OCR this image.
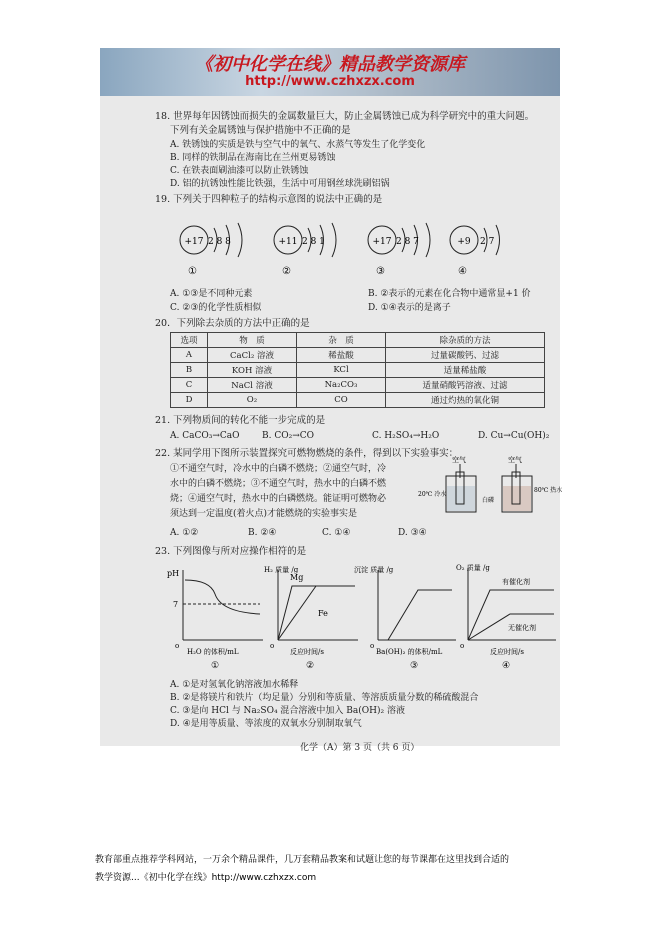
《初中化学在线》精品教学资源库
http://www.czhxzx.com
18. 世界每年因锈蚀而损失的金属数量巨大，防止金属锈蚀已成为科学研究中的重大问题。
下列有关金属锈蚀与保护措施中不正确的是
A. 铁锈蚀的实质是铁与空气中的氧气、水蒸气等发生了化学变化
B. 同样的铁制品在海南比在兰州更易锈蚀
C. 在铁表面刷油漆可以防止铁锈蚀
D. 铝的抗锈蚀性能比铁强，生活中可用钢丝球洗刷铝锅
19. 下列关于四种粒子的结构示意图的说法中正确的是
+17 2 8 8
①
+11 2 8 1
②
+17 2 8 7
③
+9 2 7
④
A. ①③是不同种元素	B. ②表示的元素在化合物中通常显+1 价
C. ②③的化学性质相似	D. ①④表示的是离子
20．下列除去杂质的方法中正确的是
选项	物　质	杂　质	除杂质的方法
A	CaCl₂ 溶液	稀盐酸	过量碳酸钙、过滤
B	KOH 溶液	KCl	适量稀盐酸
C	NaCl 溶液	Na₂CO₃	适量硝酸钙溶液、过滤
D	O₂	CO	通过灼热的氧化铜
21. 下列物质间的转化不能一步完成的是
A. CaCO₃→CaO B. CO₂→CO	C. H₂SO₄→H₂O	D. Cu→Cu(OH)₂
22. 某同学用下图所示装置探究可燃物燃烧的条件，得到以下实验事实：
①不通空气时，冷水中的白磷不燃烧；②通空气时，冷
水中的白磷不燃烧；③不通空气时，热水中的白磷不燃
烧；④通空气时，热水中的白磷燃烧。能证明可燃物必
须达到一定温度(着火点)才能燃烧的实验事实是
A. ①②	B. ②④	C. ①④	D. ③④
空气	空气
20℃ 冷水
白磷
80℃ 热水
23. 下列图像与所对应操作相符的是
pH
7
o
H₂O 的体积/mL
①
H₂ 质量 /g
Mg
Fe
o
反应时间/s
②
沉淀 质量 /g
o
Ba(OH)₂ 的体积/mL
③
O₂ 质量 /g
有催化剂
无催化剂
o
反应时间/s
④
A. ①是对氢氧化钠溶液加水稀释
B. ②是将镁片和铁片（均足量）分别和等质量、等溶质质量分数的稀硫酸混合
C. ③是向 HCl 与 Na₂SO₄ 混合溶液中加入 Ba(OH)₂ 溶液
D. ④是用等质量、等浓度的双氧水分别制取氧气
化学（A）第 3 页（共 6 页）
教育部重点推荐学科网站，一万余个精品课件，几万套精品教案和试题让您的每节课都在这里找到合适的
教学资源...《初中化学在线》http://www.czhxzx.com
